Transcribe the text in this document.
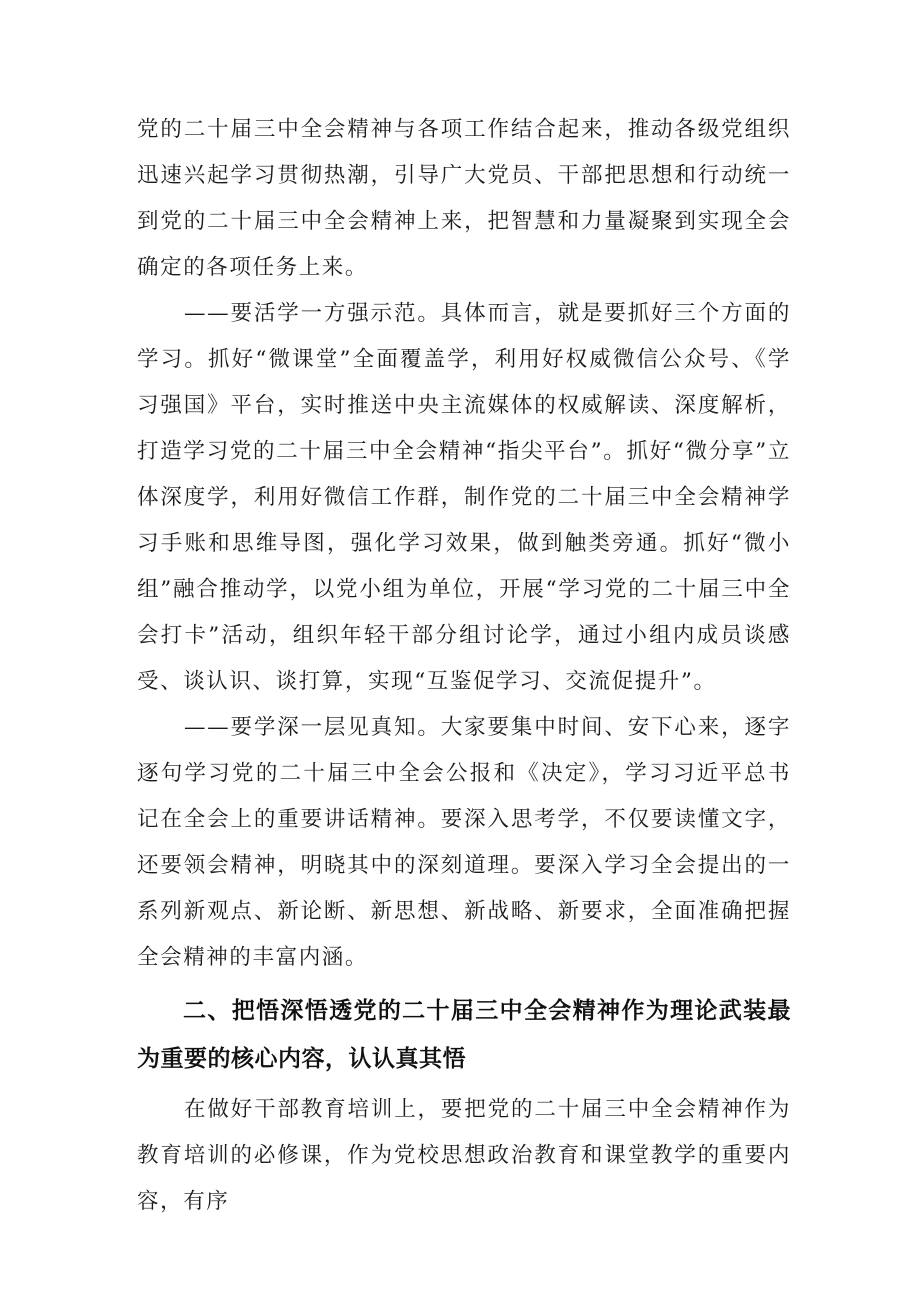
党的二十届三中全会精神与各项工作结合起来，推动各级党组织迅速兴起学习贯彻热潮，引导广大党员、干部把思想和行动统一到党的二十届三中全会精神上来，把智慧和力量凝聚到实现全会确定的各项任务上来。

——要活学一方强示范。具体而言，就是要抓好三个方面的学习。抓好“微课堂”全面覆盖学，利用好权威微信公众号、《学习强国》平台，实时推送中央主流媒体的权威解读、深度解析，打造学习党的二十届三中全会精神“指尖平台”。抓好“微分享”立体深度学，利用好微信工作群，制作党的二十届三中全会精神学习手账和思维导图，强化学习效果，做到触类旁通。抓好“微小组”融合推动学，以党小组为单位，开展“学习党的二十届三中全会打卡”活动，组织年轻干部分组讨论学，通过小组内成员谈感受、谈认识、谈打算，实现“互鉴促学习、交流促提升”。

——要学深一层见真知。大家要集中时间、安下心来，逐字逐句学习党的二十届三中全会公报和《决定》，学习习近平总书记在全会上的重要讲话精神。要深入思考学，不仅要读懂文字，还要领会精神，明晓其中的深刻道理。要深入学习全会提出的一系列新观点、新论断、新思想、新战略、新要求，全面准确把握全会精神的丰富内涵。

二、把悟深悟透党的二十届三中全会精神作为理论武装最为重要的核心内容，认认真其悟

在做好干部教育培训上，要把党的二十届三中全会精神作为教育培训的必修课，作为党校思想政治教育和课堂教学的重要内容，有序
